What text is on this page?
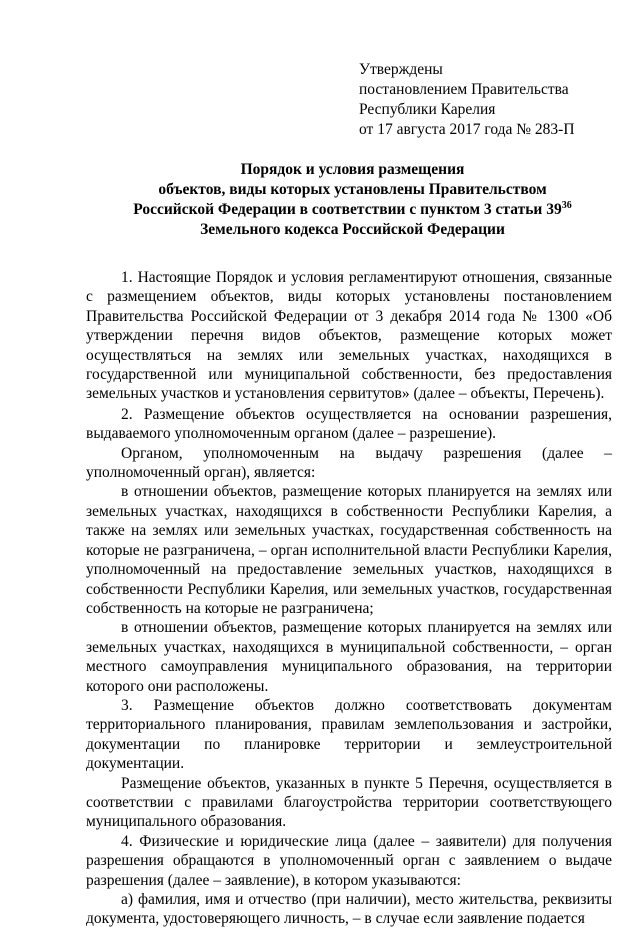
Утверждены
постановлением Правительства
Республики Карелия
от 17 августа 2017 года № 283-П
Порядок и условия размещения
объектов, виды которых установлены Правительством
Российской Федерации в соответствии с пунктом 3 статьи $39^{36}$
Земельного кодекса Российской Федерации

1. Настоящие Порядок и условия регламентируют отношения, связанные с размещением объектов, виды которых установлены постановлением Правительства Российской Федерации от 3 декабря 2014 года № 1300 «Об утверждении перечня видов объектов, размещение которых может осуществляться на землях или земельных участках, находящихся в государственной или муниципальной собственности, без предоставления земельных участков и установления сервитутов» (далее – объекты, Перечень).

2. Размещение объектов осуществляется на основании разрешения, выдаваемого уполномоченным органом (далее – разрешение).

Органом, уполномоченным на выдачу разрешения (далее – уполномоченный орган), является:

в отношении объектов, размещение которых планируется на землях или земельных участках, находящихся в собственности Республики Карелия, а также на землях или земельных участках, государственная собственность на которые не разграничена, – орган исполнительной власти Республики Карелия, уполномоченный на предоставление земельных участков, находящихся в собственности Республики Карелия, или земельных участков, государственная собственность на которые не разграничена;

в отношении объектов, размещение которых планируется на землях или земельных участках, находящихся в муниципальной собственности, – орган местного самоуправления муниципального образования, на территории которого они расположены.

3. Размещение объектов должно соответствовать документам территориального планирования, правилам землепользования и застройки, документации по планировке территории и землеустроительной документации.

Размещение объектов, указанных в пункте 5 Перечня, осуществляется в соответствии с правилами благоустройства территории соответствующего муниципального образования.

4. Физические и юридические лица (далее – заявители) для получения разрешения обращаются в уполномоченный орган с заявлением о выдаче разрешения (далее – заявление), в котором указываются:

а) фамилия, имя и отчество (при наличии), место жительства, реквизиты документа, удостоверяющего личность, – в случае если заявление подается
